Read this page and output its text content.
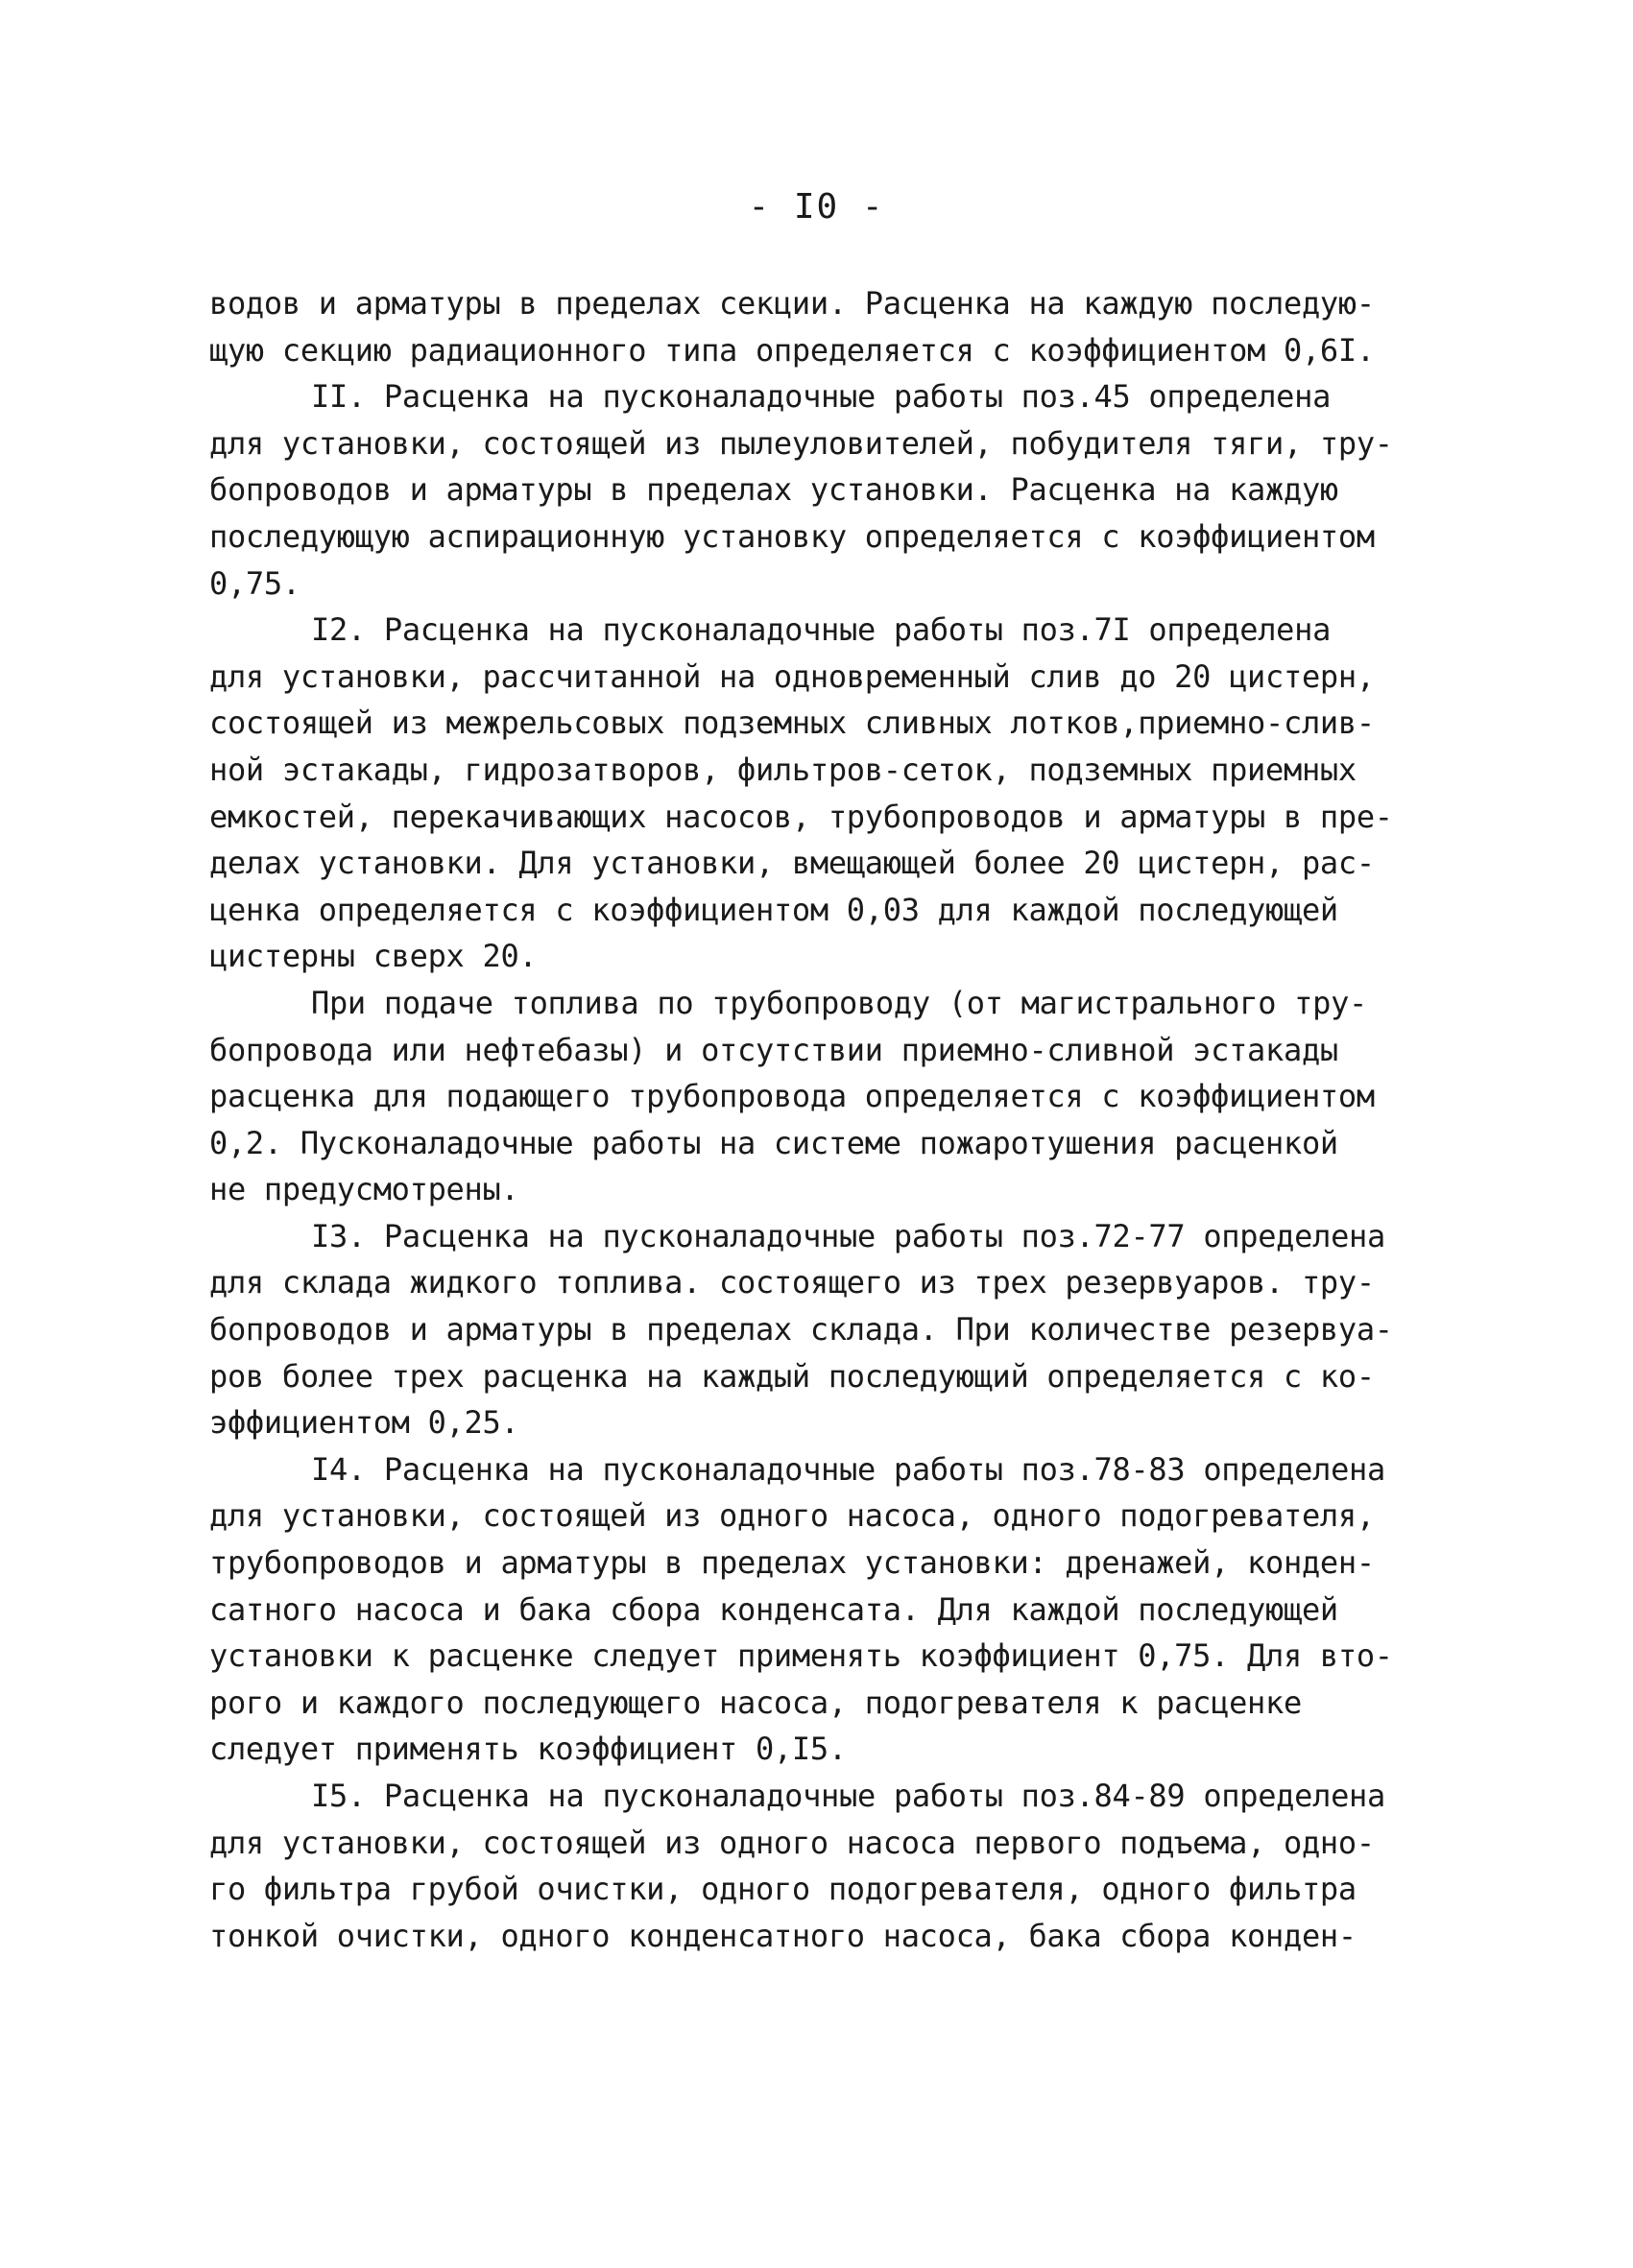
- I0 -
водов и арматуры в пределах секции. Расценка на каждую последую-
щую секцию радиационного типа определяется с коэффициентом 0,6I.
II. Расценка на пусконаладочные работы поз.45 определена
для установки, состоящей из пылеуловителей, побудителя тяги, тру-
бопроводов и арматуры в пределах установки. Расценка на каждую
последующую аспирационную установку определяется с коэффициентом
0,75.
I2. Расценка на пусконаладочные работы поз.7I определена
для установки, рассчитанной на одновременный слив до 20 цистерн,
состоящей из межрельсовых подземных сливных лотков,приемно-слив-
ной эстакады, гидрозатворов, фильтров-сеток, подземных приемных
емкостей, перекачивающих насосов, трубопроводов и арматуры в пре-
делах установки. Для установки, вмещающей более 20 цистерн, рас-
ценка определяется с коэффициентом 0,03 для каждой последующей
цистерны сверх 20.
При подаче топлива по трубопроводу (от магистрального тру-
бопровода или нефтебазы) и отсутствии приемно-сливной эстакады
расценка для подающего трубопровода определяется с коэффициентом
0,2. Пусконаладочные работы на системе пожаротушения расценкой
не предусмотрены.
I3. Расценка на пусконаладочные работы поз.72-77 определена
для склада жидкого топлива. состоящего из трех резервуаров. тру-
бопроводов и арматуры в пределах склада. При количестве резервуа-
ров более трех расценка на каждый последующий определяется с ко-
эффициентом 0,25.
I4. Расценка на пусконаладочные работы поз.78-83 определена
для установки, состоящей из одного насоса, одного подогревателя,
трубопроводов и арматуры в пределах установки: дренажей, конден-
сатного насоса и бака сбора конденсата. Для каждой последующей
установки к расценке следует применять коэффициент 0,75. Для вто-
рого и каждого последующего насоса, подогревателя к расценке
следует применять коэффициент 0,I5.
I5. Расценка на пусконаладочные работы поз.84-89 определена
для установки, состоящей из одного насоса первого подъема, одно-
го фильтра грубой очистки, одного подогревателя, одного фильтра
тонкой очистки, одного конденсатного насоса, бака сбора конден-
